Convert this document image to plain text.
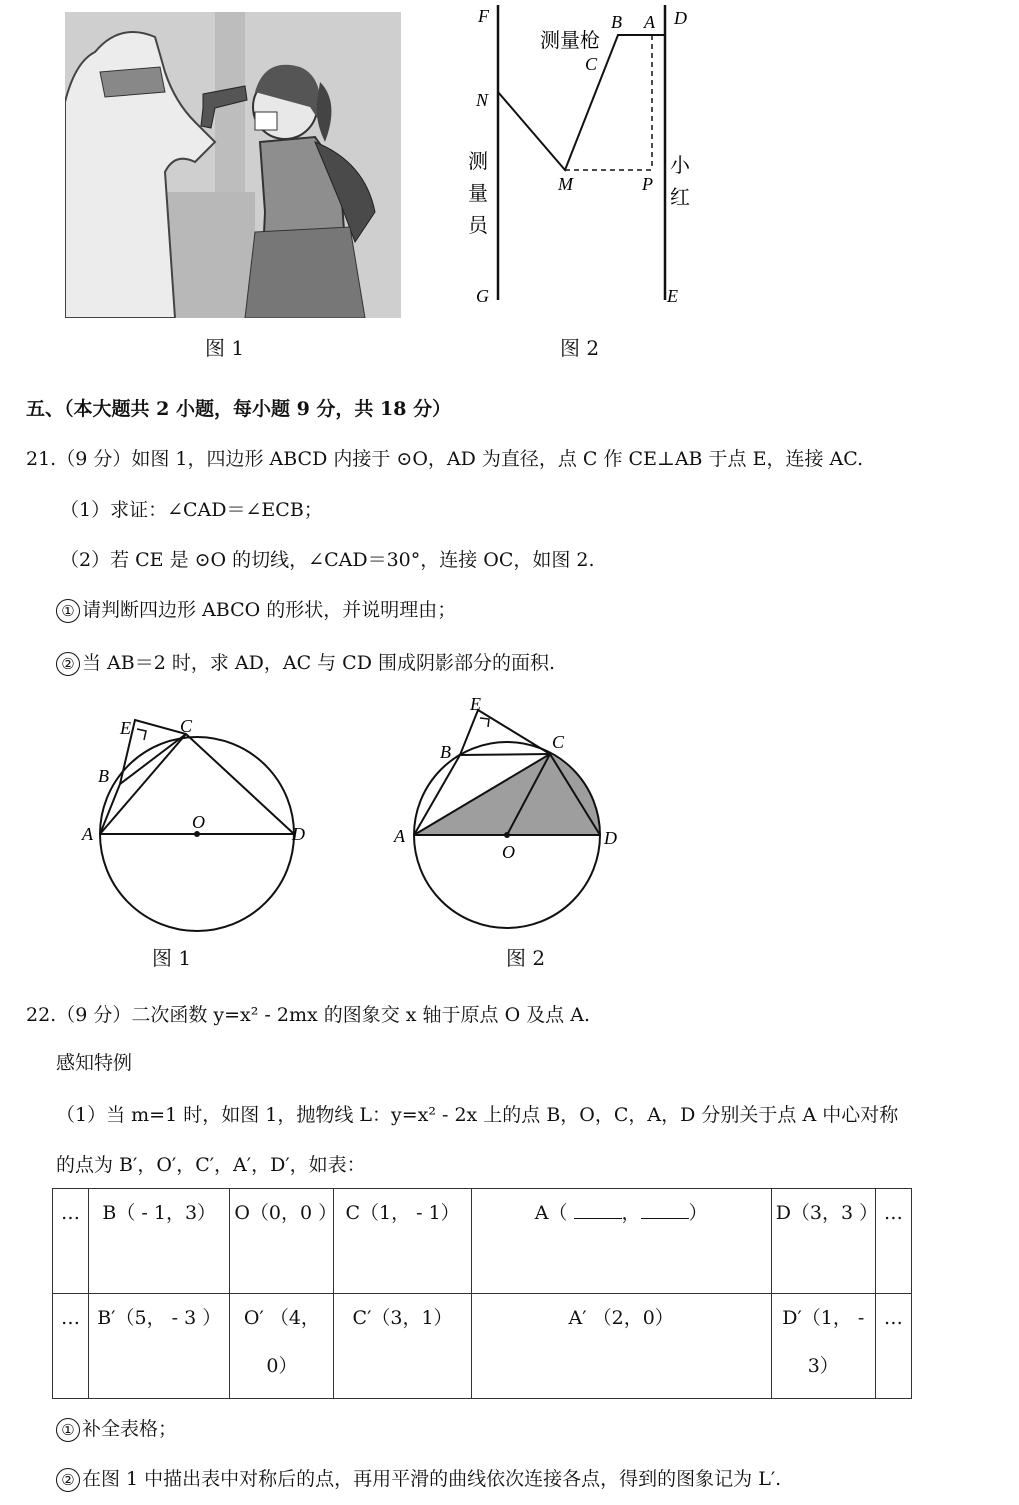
图 1
F	B A D
C
测量枪
N
M	P
G	E
测
量
员
小
红
图 2
五、（本大题共 2 小题，每小题 9 分，共 18 分）
21.（9 分）如图 1，四边形 ABCD 内接于 ⊙O，AD 为直径，点 C 作 CE⊥AB 于点 E，连接 AC.
（1）求证：∠CAD＝∠ECB；
（2）若 CE 是 ⊙O 的切线，∠CAD＝30°，连接 OC，如图 2.
① 请判断四边形 ABCO 的形状，并说明理由；
② 当 AB＝2 时，求 AD，AC 与 CD 围成阴影部分的面积.
E	C
B
A
O
D
图 1
E
C
B
A
O
D
图 2
22.（9 分）二次函数 y=x² - 2mx 的图象交 x 轴于原点 O 及点 A.
感知特例
（1）当 m=1 时，如图 1，抛物线 L：y=x² - 2x 上的点 B，O，C，A，D 分别关于点 A 中心对称
的点为 B′，O′，C′，A′，D′，如表：
…	B（ - 1，3）	O（0，0 ）	C（1， - 1）	A（ ， ）	D（3，3 ）	…
…	B′（5， - 3 ）	O′ （4，0）	C′（3，1）	A′ （2，0）	D′（1， - 3）	…
① 补全表格；
② 在图 1 中描出表中对称后的点，再用平滑的曲线依次连接各点，得到的图象记为 L′.
